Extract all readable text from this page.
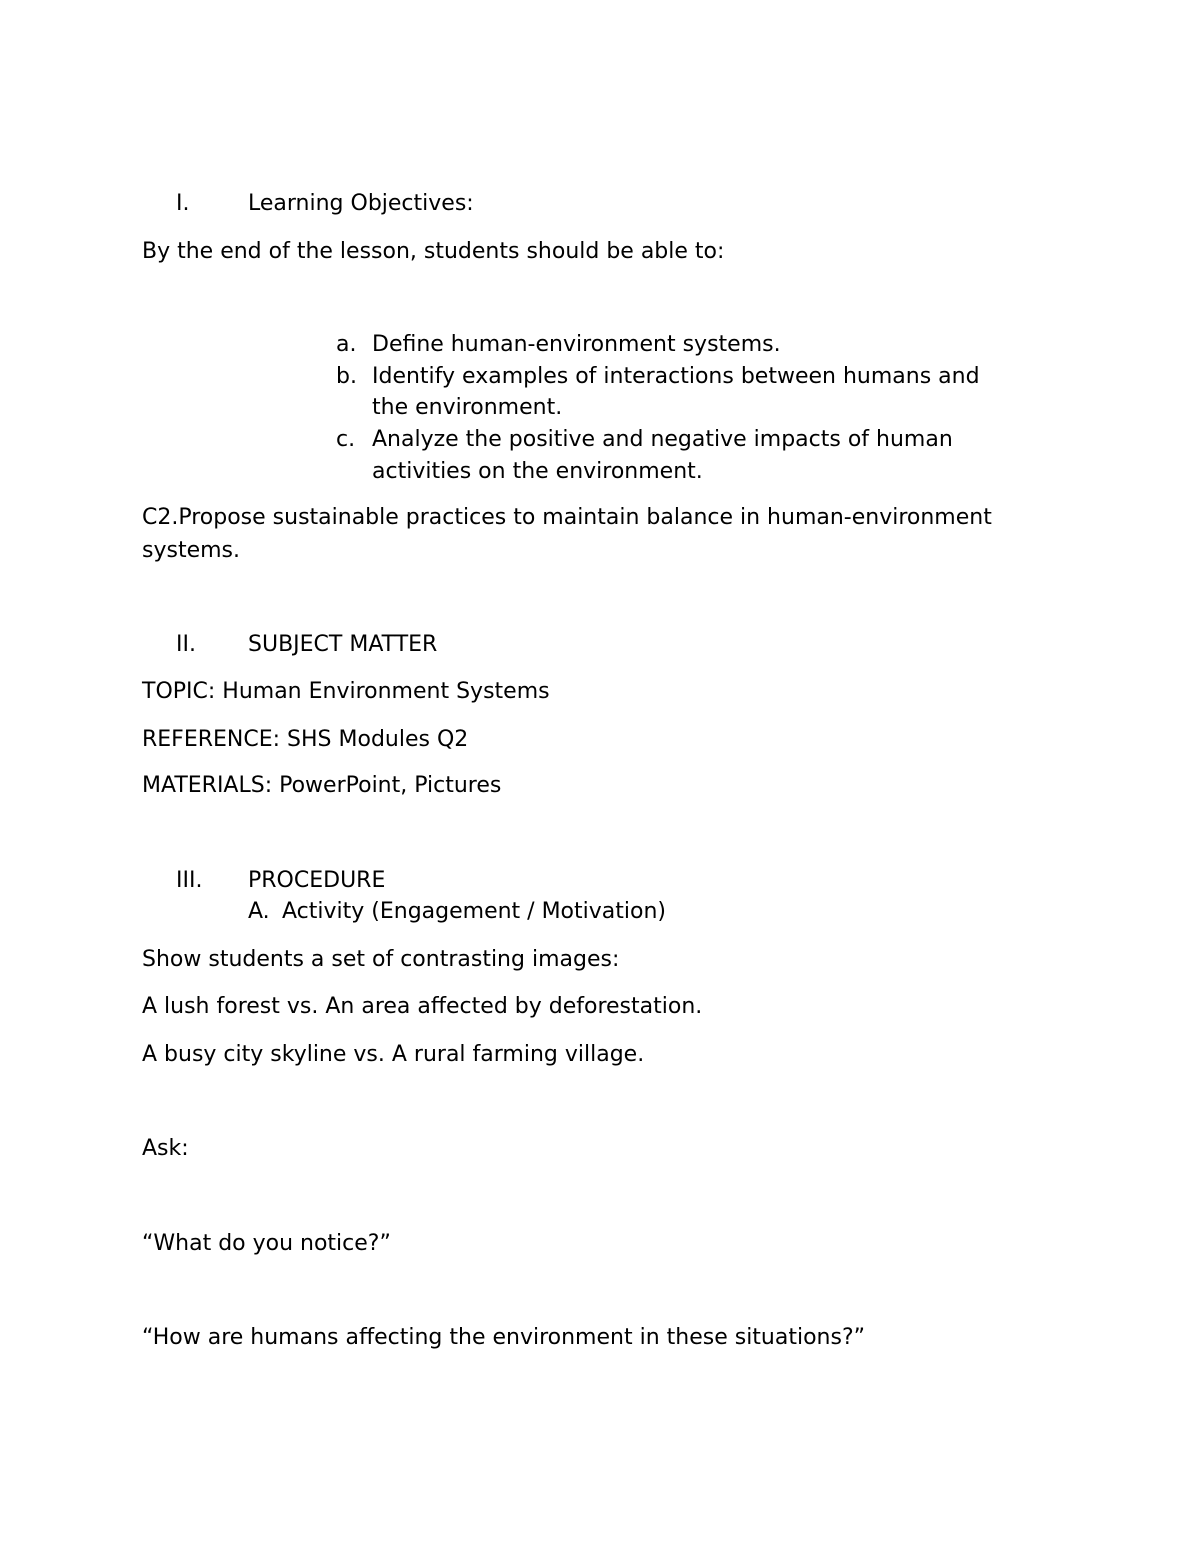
I.	Learning Objectives:
By the end of the lesson, students should be able to:
a. Define human-environment systems.
b. Identify examples of interactions between humans and
the environment.
c. Analyze the positive and negative impacts of human
activities on the environment.
C2.Propose sustainable practices to maintain balance in human-environment
systems.
II. SUBJECT MATTER
TOPIC: Human Environment Systems
REFERENCE: SHS Modules Q2
MATERIALS: PowerPoint, Pictures
III. PROCEDURE
A. Activity (Engagement / Motivation)
Show students a set of contrasting images:
A lush forest vs. An area affected by deforestation.
A busy city skyline vs. A rural farming village.
Ask:
“What do you notice?”
“How are humans affecting the environment in these situations?”
